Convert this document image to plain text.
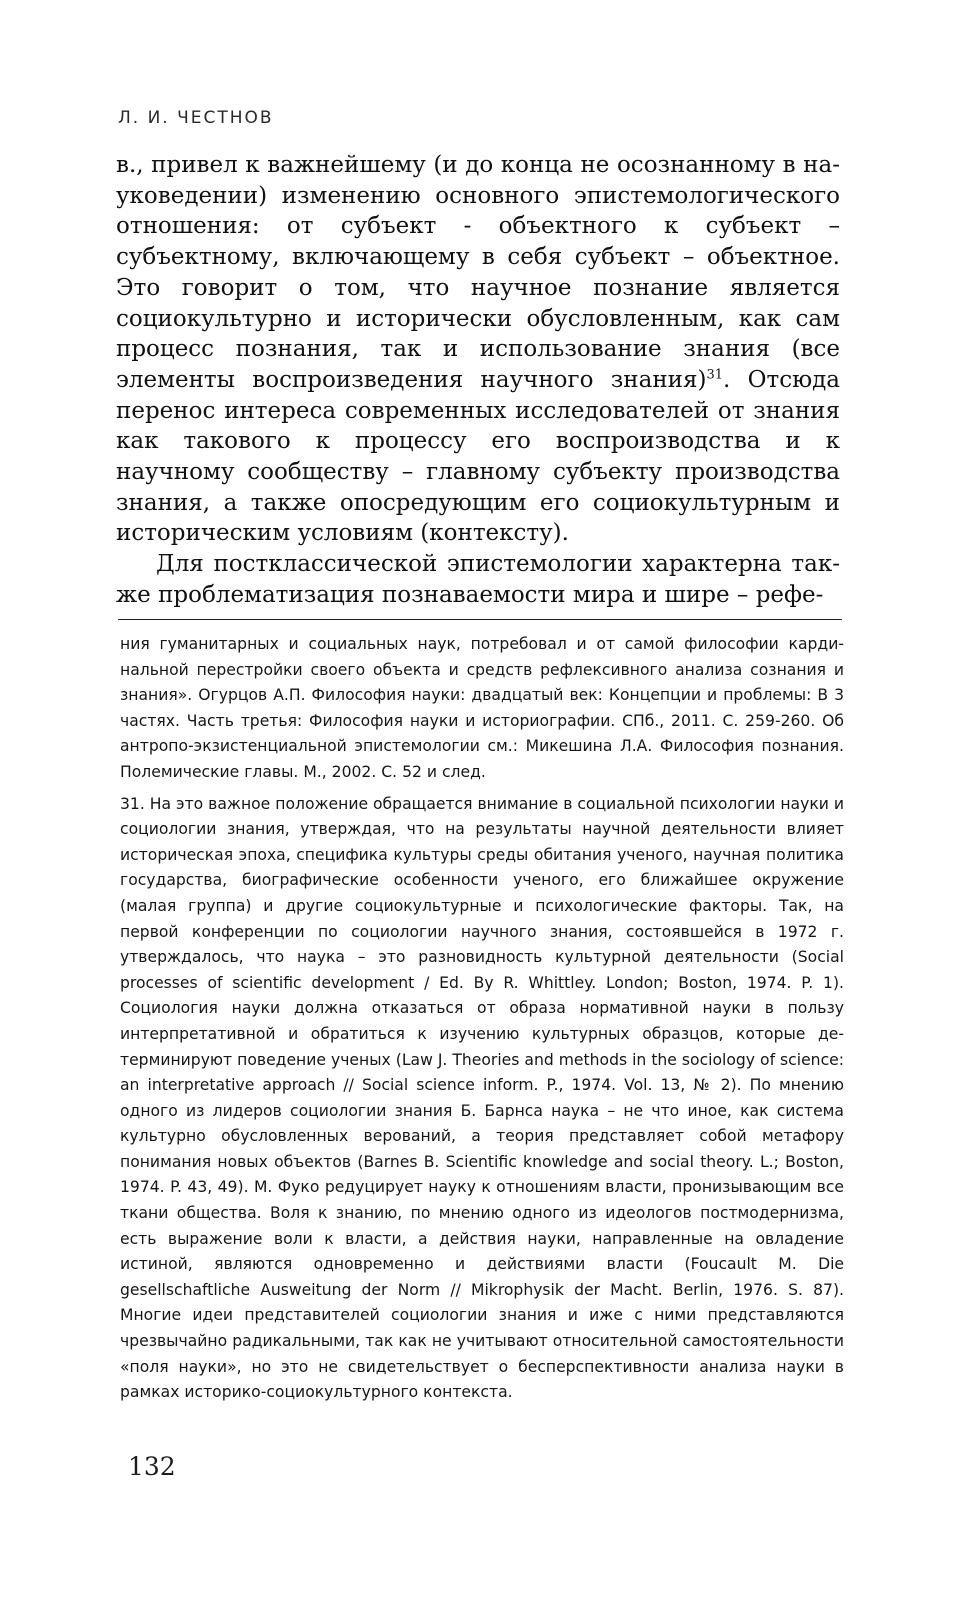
Л. И. ЧЕСТНОВ

в., привел к важнейшему (и до конца не осознанному в науковедении) изменению основного эпистемологического отношения: от субъект - объектного к субъект – субъектному, включающему в себя субъект – объектное. Это говорит о том, что научное познание является социокультурно и исторически обусловленным, как сам процесс познания, так и использование знания (все элементы воспроизведения научного знания)$^{31}$. Отсюда перенос интереса современных исследователей от знания как такового к процессу его воспроизводства и к научному сообществу – главному субъекту производства знания, а также опосредующим его социокультурным и историческим условиям (контексту).

Для постклассической эпистемологии характерна также проблематизация познаваемости мира и шире – рефе-

ния гуманитарных и социальных наук, потребовал и от самой философии кардинальной перестройки своего объекта и средств рефлексивного анализа сознания и знания». Огурцов А.П. Философия науки: двадцатый век: Концепции и проблемы: В 3 частях. Часть третья: Философия науки и историографии. СПб., 2011. С. 259-260. Об антропо-экзистенциальной эпистемологии см.: Микешина Л.А. Философия познания. Полемические главы. М., 2002. С. 52 и след.

31. На это важное положение обращается внимание в социальной психологии науки и социологии знания, утверждая, что на результаты научной деятельности влияет историческая эпоха, специфика культуры среды обитания ученого, научная политика государства, биографические особенности ученого, его ближайшее окружение (малая группа) и другие социокультурные и психологические факторы. Так, на первой конференции по социологии научного знания, состоявшейся в 1972 г. утверждалось, что наука – это разновидность культурной деятельности (Social processes of scientific development / Ed. By R. Whittley. London; Boston, 1974. P. 1). Социология науки должна отказаться от образа нормативной науки в пользу интерпретативной и обратиться к изучению культурных образцов, которые детерминируют поведение ученых (Law J. Theories and methods in the sociology of science: an interpretative approach // Social science inform. P., 1974. Vol. 13, № 2). По мнению одного из лидеров социологии знания Б. Барнса наука – не что иное, как система культурно обусловленных верований, а теория представляет собой метафору понимания новых объектов (Barnes B. Scientific knowledge and social theory. L.; Boston, 1974. P. 43, 49). М. Фуко редуцирует науку к отношениям власти, пронизывающим все ткани общества. Воля к знанию, по мнению одного из идеологов постмодернизма, есть выражение воли к власти, а действия науки, направленные на овладение истиной, являются одновременно и действиями власти (Foucault M. Die gesellschaftliche Ausweitung der Norm // Mikrophysik der Macht. Berlin, 1976. S. 87). Многие идеи представителей социологии знания и иже с ними представляются чрезвычайно радикальными, так как не учитывают относительной самостоятельности «поля науки», но это не свидетельствует о бесперспективности анализа науки в рамках историко-социокультурного контекста.

132
